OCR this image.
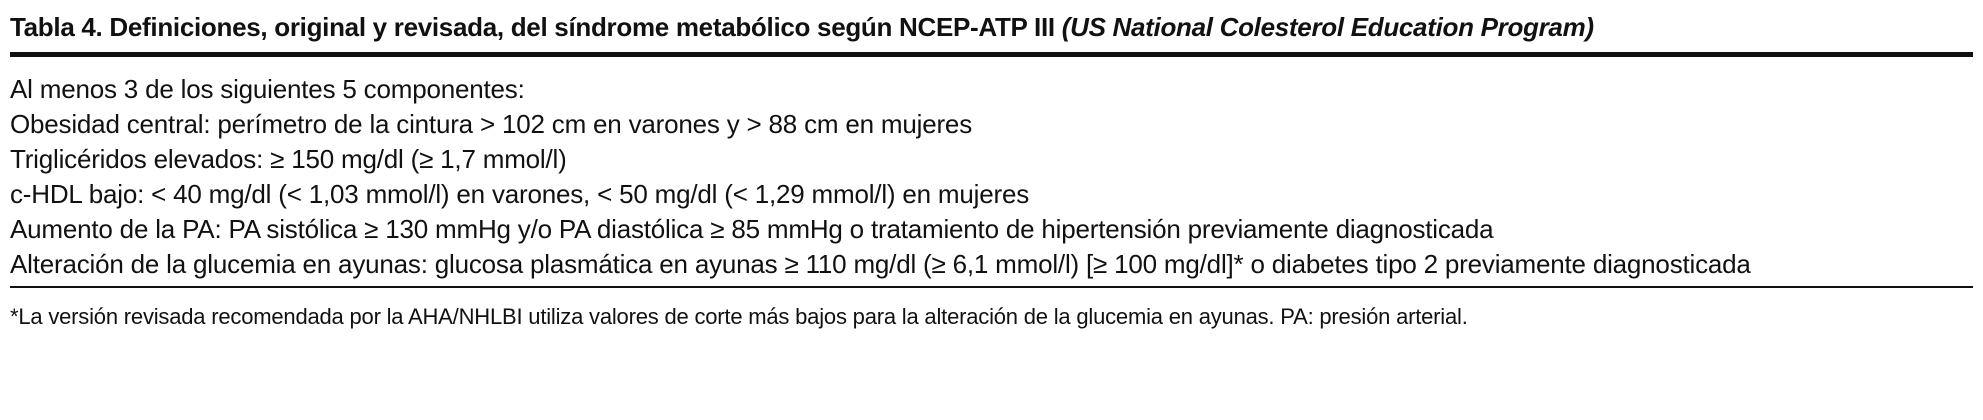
Tabla 4. Definiciones, original y revisada, del síndrome metabólico según NCEP-ATP III (US National Colesterol Education Program)
Al menos 3 de los siguientes 5 componentes:
Obesidad central: perímetro de la cintura > 102 cm en varones y > 88 cm en mujeres
Triglicéridos elevados: ≥ 150 mg/dl (≥ 1,7 mmol/l)
c-HDL bajo: < 40 mg/dl (< 1,03 mmol/l) en varones, < 50 mg/dl (< 1,29 mmol/l) en mujeres
Aumento de la PA: PA sistólica ≥ 130 mmHg y/o PA diastólica ≥ 85 mmHg o tratamiento de hipertensión previamente diagnosticada
Alteración de la glucemia en ayunas: glucosa plasmática en ayunas ≥ 110 mg/dl (≥ 6,1 mmol/l) [≥ 100 mg/dl]* o diabetes tipo 2 previamente diagnosticada
*La versión revisada recomendada por la AHA/NHLBI utiliza valores de corte más bajos para la alteración de la glucemia en ayunas. PA: presión arterial.
